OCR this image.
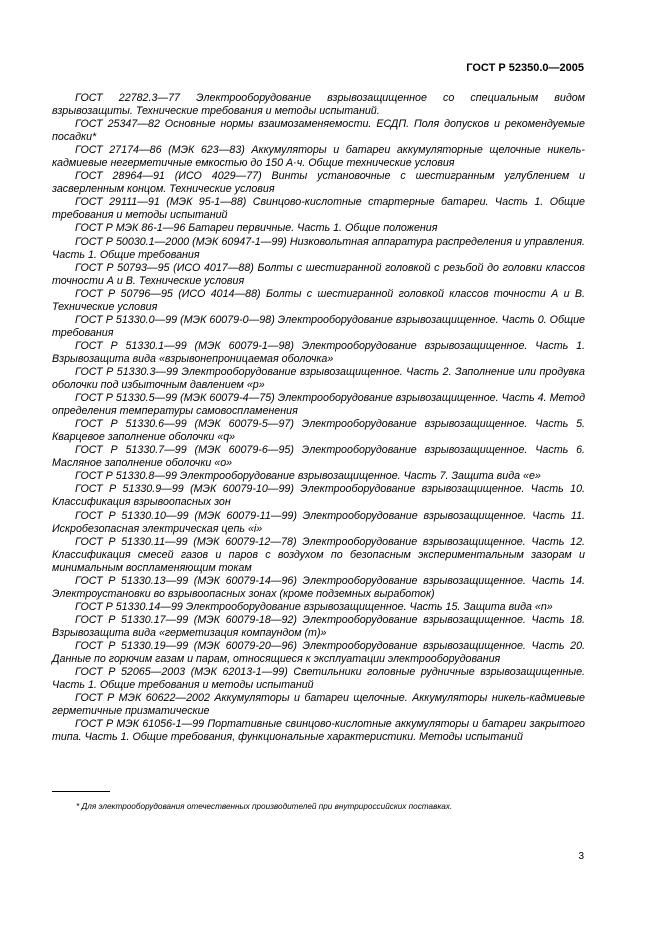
ГОСТ Р 52350.0—2005

ГОСТ 22782.3—77 Электрооборудование взрывозащищенное со специальным видом взрывозащиты. Технические требования и методы испытаний.

ГОСТ 25347—82 Основные нормы взаимозаменяемости. ЕСДП. Поля допусков и рекомендуемые посадки*

ГОСТ 27174—86 (МЭК 623—83) Аккумуляторы и батареи аккумуляторные щелочные никель-кадмиевые негерметичные емкостью до 150 А·ч. Общие технические условия

ГОСТ 28964—91 (ИСО 4029—77) Винты установочные с шестигранным углублением и засверленным концом. Технические условия

ГОСТ 29111—91 (МЭК 95-1—88) Свинцово-кислотные стартерные батареи. Часть 1. Общие требования и методы испытаний

ГОСТ Р МЭК 86-1—96 Батареи первичные. Часть 1. Общие положения

ГОСТ Р 50030.1—2000 (МЭК 60947-1—99) Низковольтная аппаратура распределения и управления. Часть 1. Общие требования

ГОСТ Р 50793—95 (ИСО 4017—88) Болты с шестигранной головкой с резьбой до головки классов точности А и В. Технические условия

ГОСТ Р 50796—95 (ИСО 4014—88) Болты с шестигранной головкой классов точности А и В. Технические условия

ГОСТ Р 51330.0—99 (МЭК 60079-0—98) Электрооборудование взрывозащищенное. Часть 0. Общие требования

ГОСТ Р 51330.1—99 (МЭК 60079-1—98) Электрооборудование взрывозащищенное. Часть 1. Взрывозащита вида «взрывонепроницаемая оболочка»

ГОСТ Р 51330.3—99 Электрооборудование взрывозащищенное. Часть 2. Заполнение или продувка оболочки под избыточным давлением «р»

ГОСТ Р 51330.5—99 (МЭК 60079-4—75) Электрооборудование взрывозащищенное. Часть 4. Метод определения температуры самовоспламенения

ГОСТ Р 51330.6—99 (МЭК 60079-5—97) Электрооборудование взрывозащищенное. Часть 5. Кварцевое заполнение оболочки «q»

ГОСТ Р 51330.7—99 (МЭК 60079-6—95) Электрооборудование взрывозащищенное. Часть 6. Масляное заполнение оболочки «о»

ГОСТ Р 51330.8—99 Электрооборудование взрывозащищенное. Часть 7. Защита вида «е»

ГОСТ Р 51330.9—99 (МЭК 60079-10—99) Электрооборудование взрывозащищенное. Часть 10. Классификация взрывоопасных зон

ГОСТ Р 51330.10—99 (МЭК 60079-11—99) Электрооборудование взрывозащищенное. Часть 11. Искробезопасная электрическая цепь «i»

ГОСТ Р 51330.11—99 (МЭК 60079-12—78) Электрооборудование взрывозащищенное. Часть 12. Классификация смесей газов и паров с воздухом по безопасным экспериментальным зазорам и минимальным воспламеняющим токам

ГОСТ Р 51330.13—99 (МЭК 60079-14—96) Электрооборудование взрывозащищенное. Часть 14. Электроустановки во взрывоопасных зонах (кроме подземных выработок)

ГОСТ Р 51330.14—99 Электрооборудование взрывозащищенное. Часть 15. Защита вида «n»

ГОСТ Р 51330.17—99 (МЭК 60079-18—92) Электрооборудование взрывозащищенное. Часть 18. Взрывозащита вида «герметизация компаундом (m)»

ГОСТ Р 51330.19—99 (МЭК 60079-20—96) Электрооборудование взрывозащищенное. Часть 20. Данные по горючим газам и парам, относящиеся к эксплуатации электрооборудования

ГОСТ Р 52065—2003 (МЭК 62013-1—99) Светильники головные рудничные взрывозащищенные. Часть 1. Общие требования и методы испытаний

ГОСТ Р МЭК 60622—2002 Аккумуляторы и батареи щелочные. Аккумуляторы никель-кадмиевые герметичные призматические

ГОСТ Р МЭК 61056-1—99 Портативные свинцово-кислотные аккумуляторы и батареи закрытого типа. Часть 1. Общие требования, функциональные характеристики. Методы испытаний

* Для электрооборудования отечественных производителей при внутрироссийских поставках.
3
